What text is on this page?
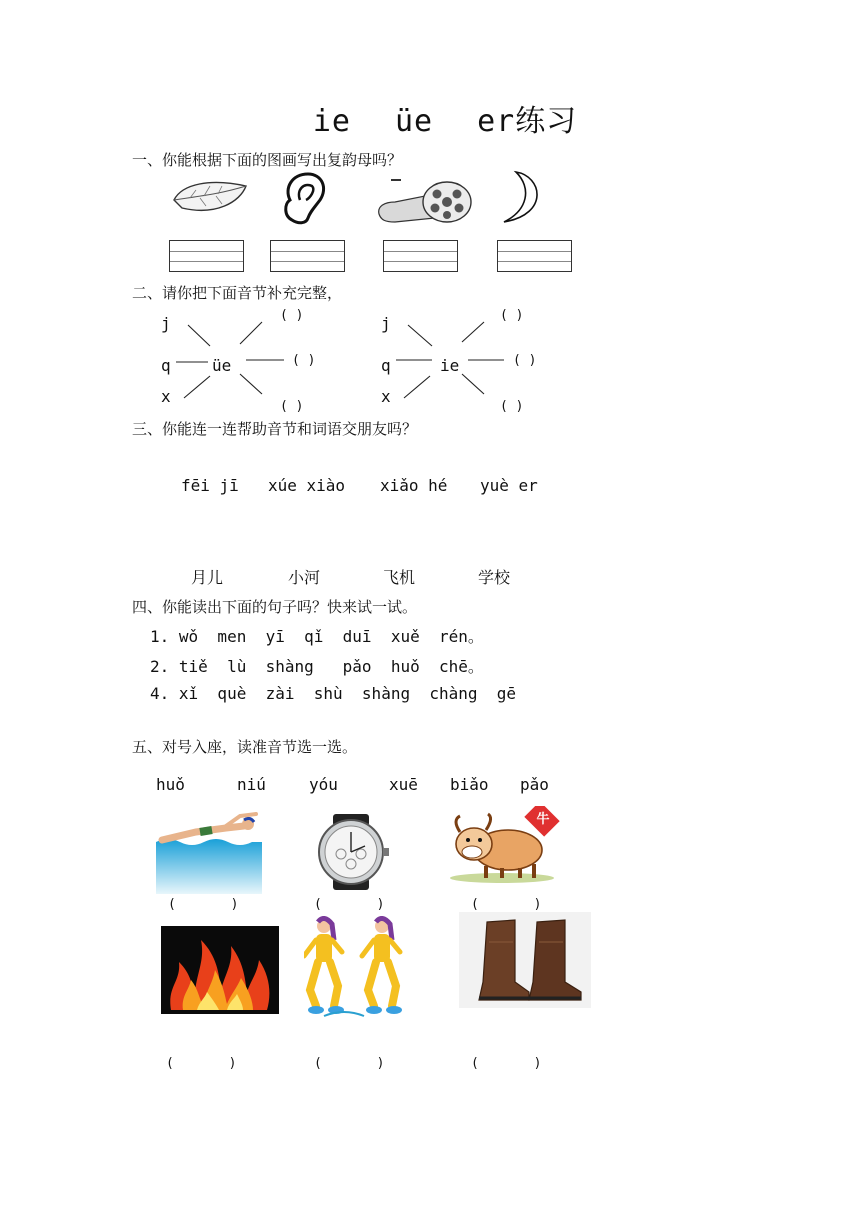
ie üe er练习
一、你能根据下面的图画写出复韵母吗？
二、请你把下面音节补充完整，
j
q
x
üe
( )
( )
( )
j
q
x
ie
( )
( )
( )
三、你能连一连帮助音节和词语交朋友吗？
fēi jī xúe xiào xiǎo hé yuè er
月儿	小河	飞机	学校
四、你能读出下面的句子吗？快来试一试。
1. wǒ  men  yī  qǐ  duī  xuě  rén。
2. tiě  lù  shàng   pǎo  huǒ  chē。
4. xǐ  què  zài  shù  shàng  chàng  gē
五、对号入座，读准音节选一选。
huǒ	niú	yóu	xuē biǎo pǎo
牛
(       )	(       )	(       )
(       )	(       )	(       )
